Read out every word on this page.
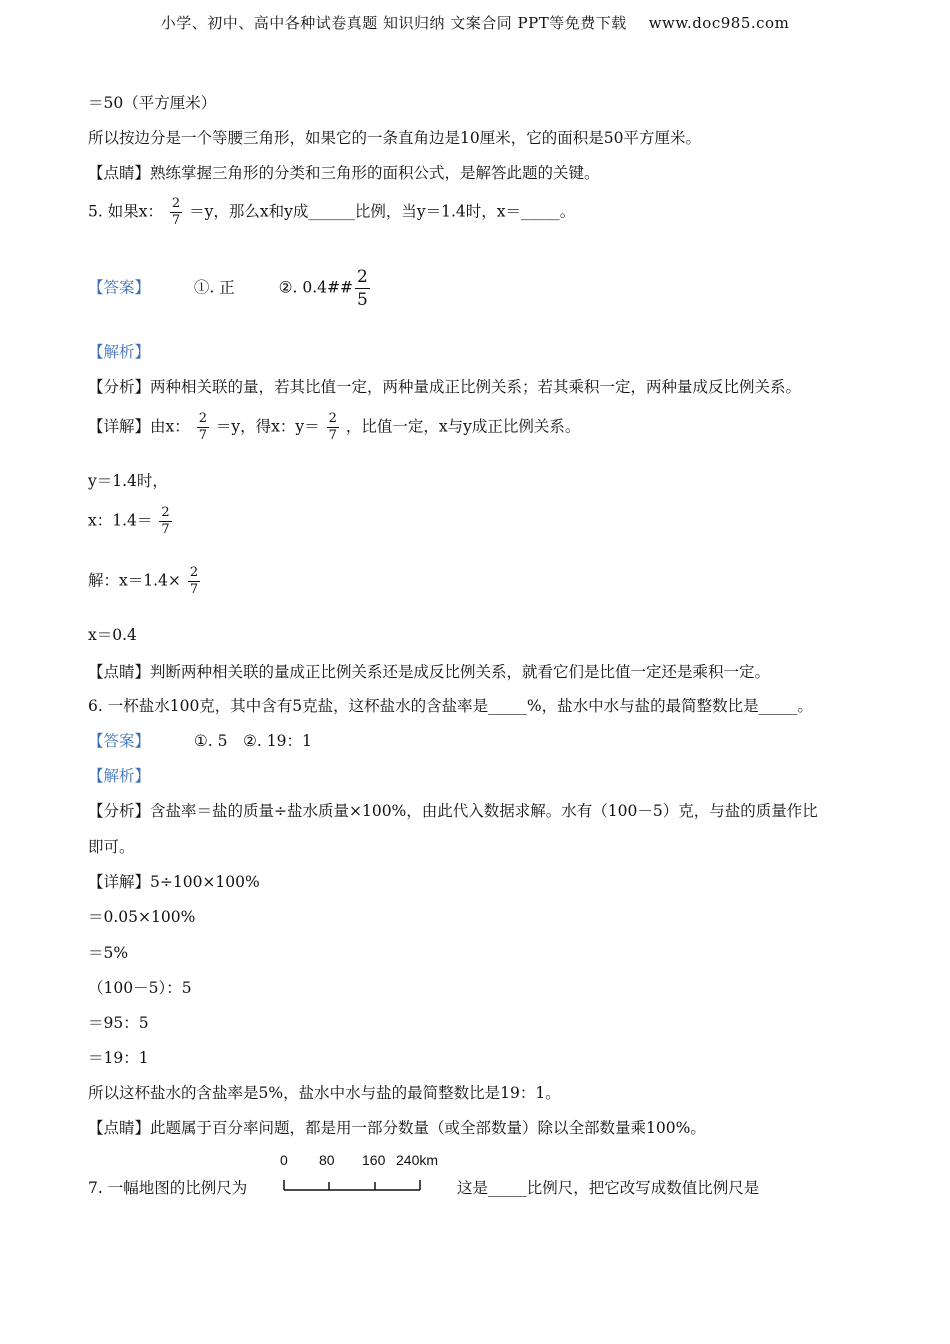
小学、初中、高中各种试卷真题 知识归纳 文案合同 PPT等免费下载 www.doc985.com
＝50（平方厘米）
所以按边分是一个等腰三角形，如果它的一条直角边是10厘米，它的面积是50平方厘米。
【点睛】熟练掌握三角形的分类和三角形的面积公式，是解答此题的关键。
5. 如果x： $\frac{2}{7} =y$，那么x和y成______比例，当y＝1.4时，x＝_____。
【答案】	①. 正	②. 0.4## $\frac{2}{5}$
【解析】
【分析】两种相关联的量，若其比值一定，两种量成正比例关系；若其乘积一定，两种量成反比例关系。
【详解】由x： $\frac{2}{7} =y$，得x：$y= \frac{2}{7}$ ，比值一定，x与y成正比例关系。
y＝1.4时，
x：$1.4= \frac{2}{7}$
解：$x=1.4\times \frac{2}{7}$
x＝0.4
【点睛】判断两种相关联的量成正比例关系还是成反比例关系，就看它们是比值一定还是乘积一定。
6. 一杯盐水100克，其中含有5克盐，这杯盐水的含盐率是_____%，盐水中水与盐的最简整数比是_____。
【答案】	①. 5　②. 19：1
【解析】
【分析】含盐率＝盐的质量÷盐水质量×100%，由此代入数据求解。水有（100－5）克，与盐的质量作比
即可。
【详解】5÷100×100%
＝0.05×100%
＝5%
（100－5）：5
＝95：5
＝19：1
所以这杯盐水的含盐率是5%，盐水中水与盐的最简整数比是19：1。
【点睛】此题属于百分率问题，都是用一部分数量（或全部数量）除以全部数量乘100%。
7. 一幅地图的比例尺为
0 80 160 240km
这是_____比例尺，把它改写成数值比例尺是
